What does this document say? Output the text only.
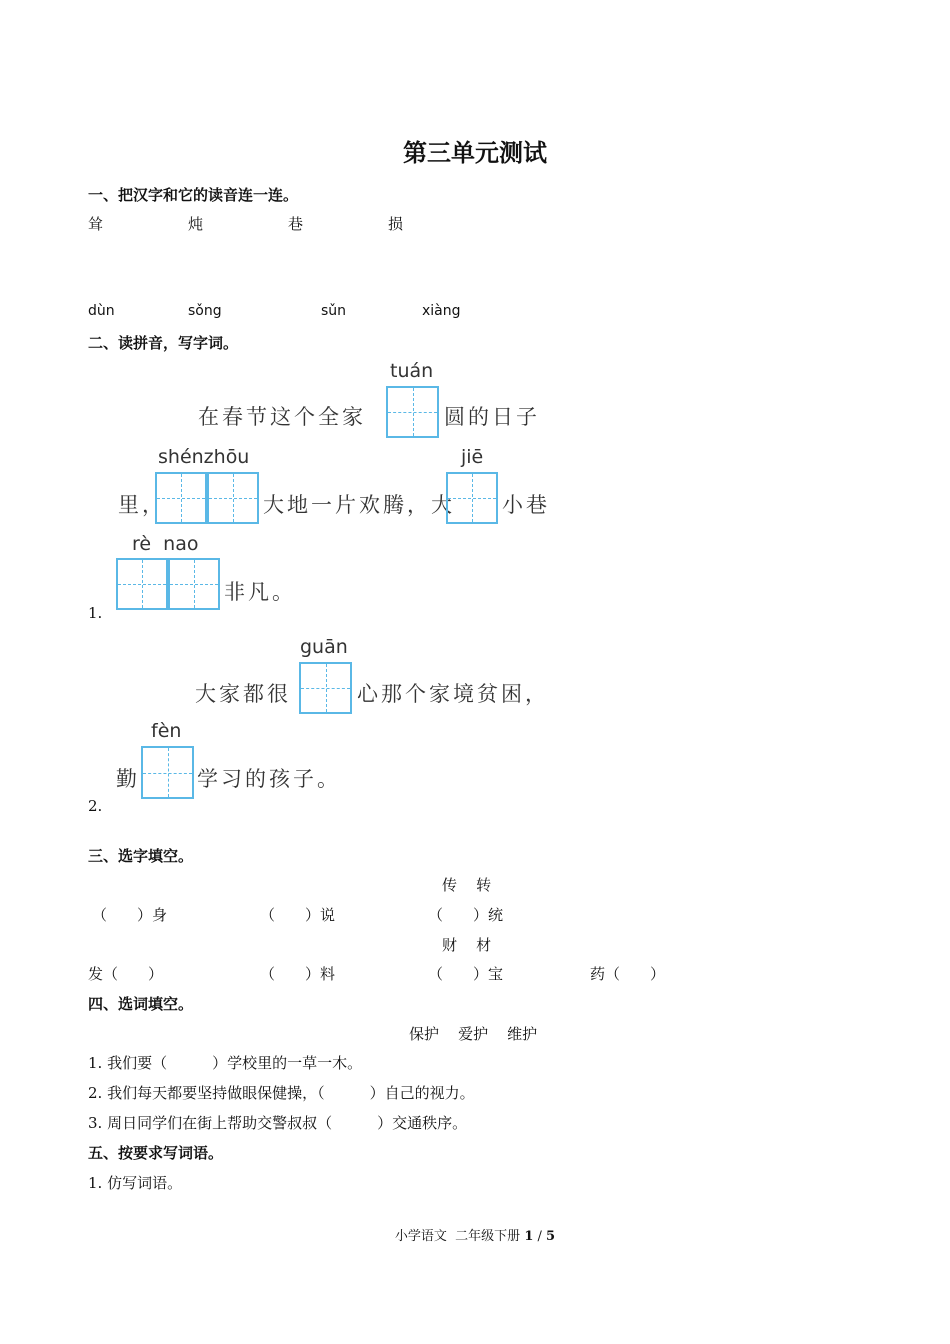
第三单元测试
一、把汉字和它的读音连一连。
耸	炖	巷	损
dùn	sǒng	sǔn	xiàng
二、读拼音，写字词。
tuán
在春节这个全家	圆的日子
shénzhōu	jiē
里，	大地一片欢腾，大 小巷
rè  nao
非凡。
1.
guān
大家都很	心那个家境贫困，
fèn
勤	学习的孩子。
2.
三、选字填空。
传    转
（　　）身	（　　）说	（　　）统
财    材
发（　　）	（　　）料	（　　）宝	药（　　）
四、选词填空。
保护    爱护    维护
1. 我们要（　　　）学校里的一草一木。
2. 我们每天都要坚持做眼保健操，（　　　）自己的视力。
3. 周日同学们在街上帮助交警叔叔（　　　）交通秩序。
五、按要求写词语。
1. 仿写词语。
小学语文  二年级下册 1 / 5
